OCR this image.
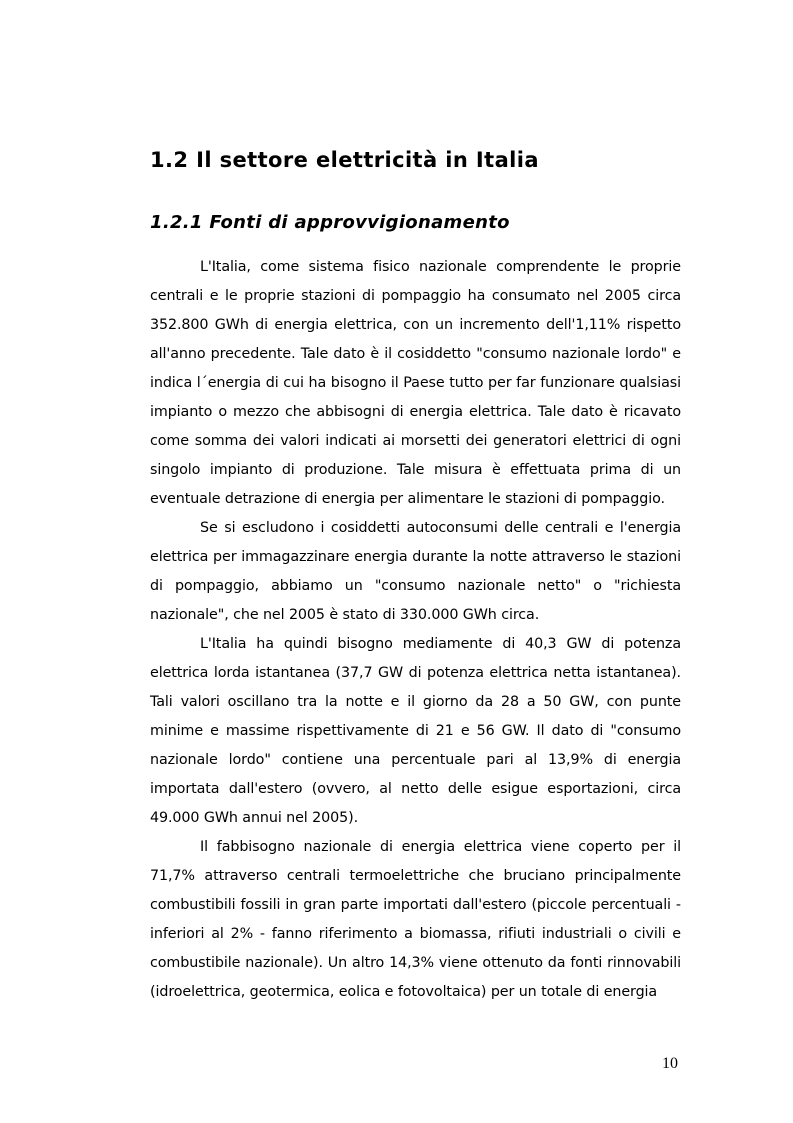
1.2 Il settore elettricità in Italia
1.2.1 Fonti di approvvigionamento

L'Italia, come sistema fisico nazionale comprendente le proprie centrali e le proprie stazioni di pompaggio ha consumato nel 2005 circa 352.800 GWh di energia elettrica, con un incremento dell'1,11% rispetto all'anno precedente. Tale dato è il cosiddetto "consumo nazionale lordo" e indica l´energia di cui ha bisogno il Paese tutto per far funzionare qualsiasi impianto o mezzo che abbisogni di energia elettrica. Tale dato è ricavato come somma dei valori indicati ai morsetti dei generatori elettrici di ogni singolo impianto di produzione. Tale misura è effettuata prima di un eventuale detrazione di energia per alimentare le stazioni di pompaggio.

Se si escludono i cosiddetti autoconsumi delle centrali e l'energia elettrica per immagazzinare energia durante la notte attraverso le stazioni di pompaggio, abbiamo un "consumo nazionale netto" o "richiesta nazionale", che nel 2005 è stato di 330.000 GWh circa.

L'Italia ha quindi bisogno mediamente di 40,3 GW di potenza elettrica lorda istantanea (37,7 GW di potenza elettrica netta istantanea). Tali valori oscillano tra la notte e il giorno da 28 a 50 GW, con punte minime e massime rispettivamente di 21 e 56 GW. Il dato di "consumo nazionale lordo" contiene una percentuale pari al 13,9% di energia importata dall'estero (ovvero, al netto delle esigue esportazioni, circa 49.000 GWh annui nel 2005).

Il fabbisogno nazionale di energia elettrica viene coperto per il 71,7% attraverso centrali termoelettriche che bruciano principalmente combustibili fossili in gran parte importati dall'estero (piccole percentuali - inferiori al 2% - fanno riferimento a biomassa, rifiuti industriali o civili e combustibile nazionale). Un altro 14,3% viene ottenuto da fonti rinnovabili (idroelettrica, geotermica, eolica e fotovoltaica) per un totale di energia

10
